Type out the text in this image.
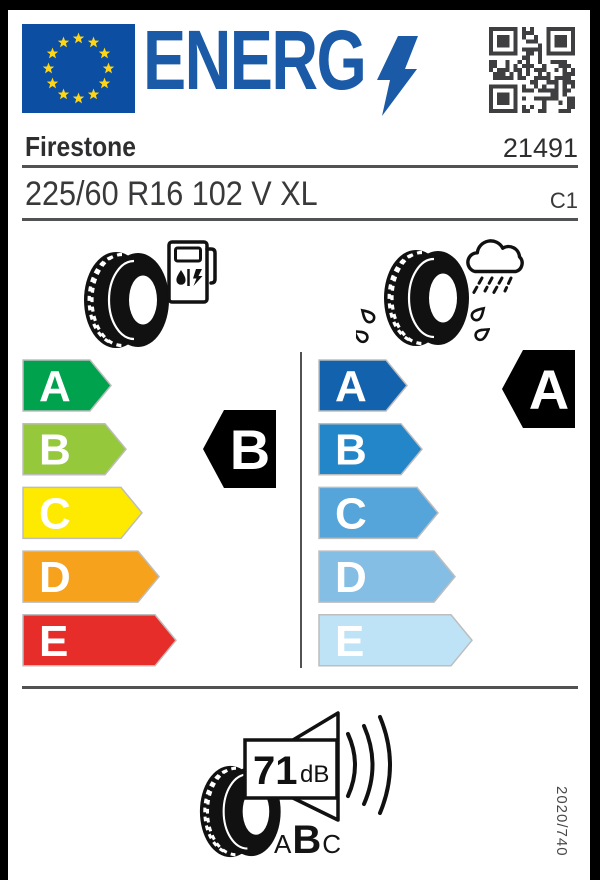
ENERG
Firestone	21491
225/60 R16 102 V XL	C1
A
B
C
D
E
A
B
C
D
E
B
A
71 dB
A B C	2020/740
